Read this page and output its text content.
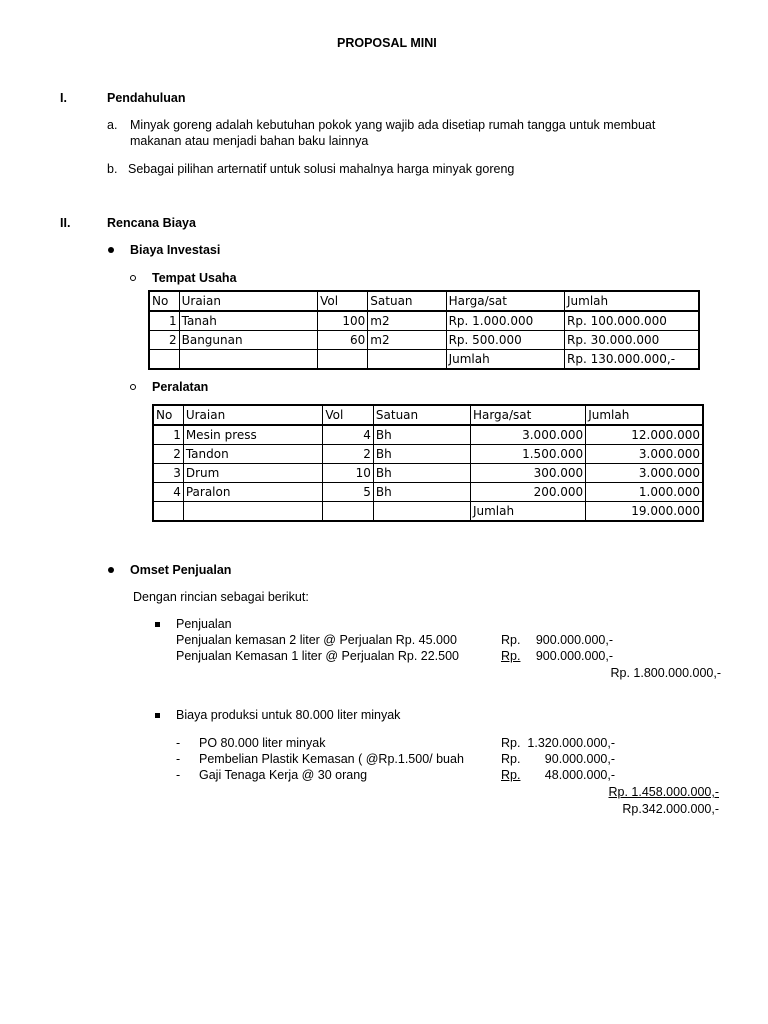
PROPOSAL MINI
I.	Pendahuluan
a. Minyak goreng adalah kebutuhan pokok yang wajib ada disetiap rumah tangga untuk membuat
makanan atau menjadi bahan baku lainnya
b. Sebagai pilihan arternatif untuk solusi mahalnya harga minyak goreng
II.	Rencana Biaya
Biaya Investasi
Tempat Usaha
No	Uraian	Vol	Satuan	Harga/sat	Jumlah
1	Tanah	100	m2	Rp. 1.000.000	Rp. 100.000.000
2	Bangunan	60	m2	Rp. 500.000	Rp. 30.000.000
				Jumlah	Rp. 130.000.000,-
Peralatan
No	Uraian	Vol	Satuan	Harga/sat	Jumlah
1	Mesin press	4	Bh	3.000.000	12.000.000
2	Tandon	2	Bh	1.500.000	3.000.000
3	Drum	10	Bh	300.000	3.000.000
4	Paralon	5	Bh	200.000	1.000.000
				Jumlah	19.000.000
Omset Penjualan
Dengan rincian sebagai berikut:
Penjualan
Penjualan kemasan 2 liter @ Perjualan Rp. 45.000	Rp. 900.000.000,-
Penjualan Kemasan 1 liter @ Perjualan Rp. 22.500	Rp. 900.000.000,-
Rp. 1.800.000.000,-
Biaya produksi untuk 80.000 liter minyak
- PO 80.000 liter minyak	Rp. 1.320.000.000,-
- Pembelian Plastik Kemasan ( @Rp.1.500/ buah	Rp.	90.000.000,-
- Gaji Tenaga Kerja @ 30 orang	Rp. 48.000.000,-
Rp. 1.458.000.000,-
Rp.342.000.000,-
